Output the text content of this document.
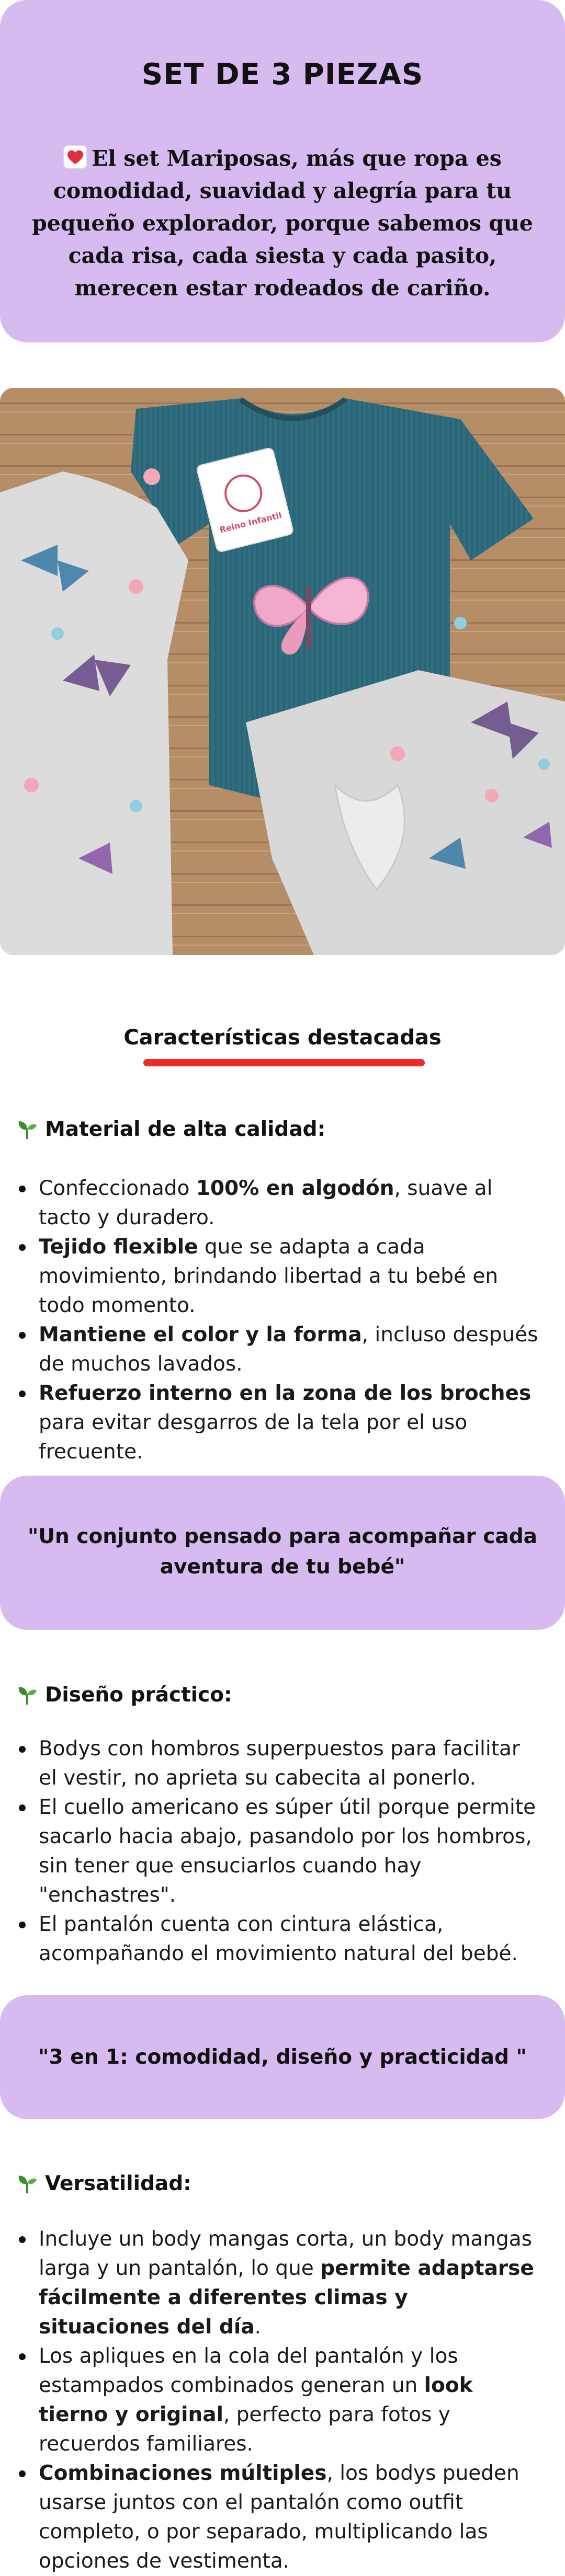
SET DE 3 PIEZAS

El set Mariposas, más que ropa es comodidad, suavidad y alegría para tu pequeño explorador, porque sabemos que cada risa, cada siesta y cada pasito, merecen estar rodeados de cariño.

Reino Infantil
Características destacadas
Material de alta calidad:
Confeccionado 100% en algodón, suave al tacto y duradero.
Tejido flexible que se adapta a cada movimiento, brindando libertad a tu bebé en todo momento.
Mantiene el color y la forma, incluso después de muchos lavados.
Refuerzo interno en la zona de los broches para evitar desgarros de la tela por el uso frecuente.

"Un conjunto pensado para acompañar cada aventura de tu bebé"

Diseño práctico:
Bodys con hombros superpuestos para facilitar el vestir, no aprieta su cabecita al ponerlo.
El cuello americano es súper útil porque permite sacarlo hacia abajo, pasandolo por los hombros, sin tener que ensuciarlos cuando hay "enchastres".
El pantalón cuenta con cintura elástica, acompañando el movimiento natural del bebé.

"3 en 1: comodidad, diseño y practicidad "

Versatilidad:
Incluye un body mangas corta, un body mangas larga y un pantalón, lo que permite adaptarse fácilmente a diferentes climas y situaciones del día.
Los apliques en la cola del pantalón y los estampados combinados generan un look tierno y original, perfecto para fotos y recuerdos familiares.
Combinaciones múltiples, los bodys pueden usarse juntos con el pantalón como outfit completo, o por separado, multiplicando las opciones de vestimenta.
